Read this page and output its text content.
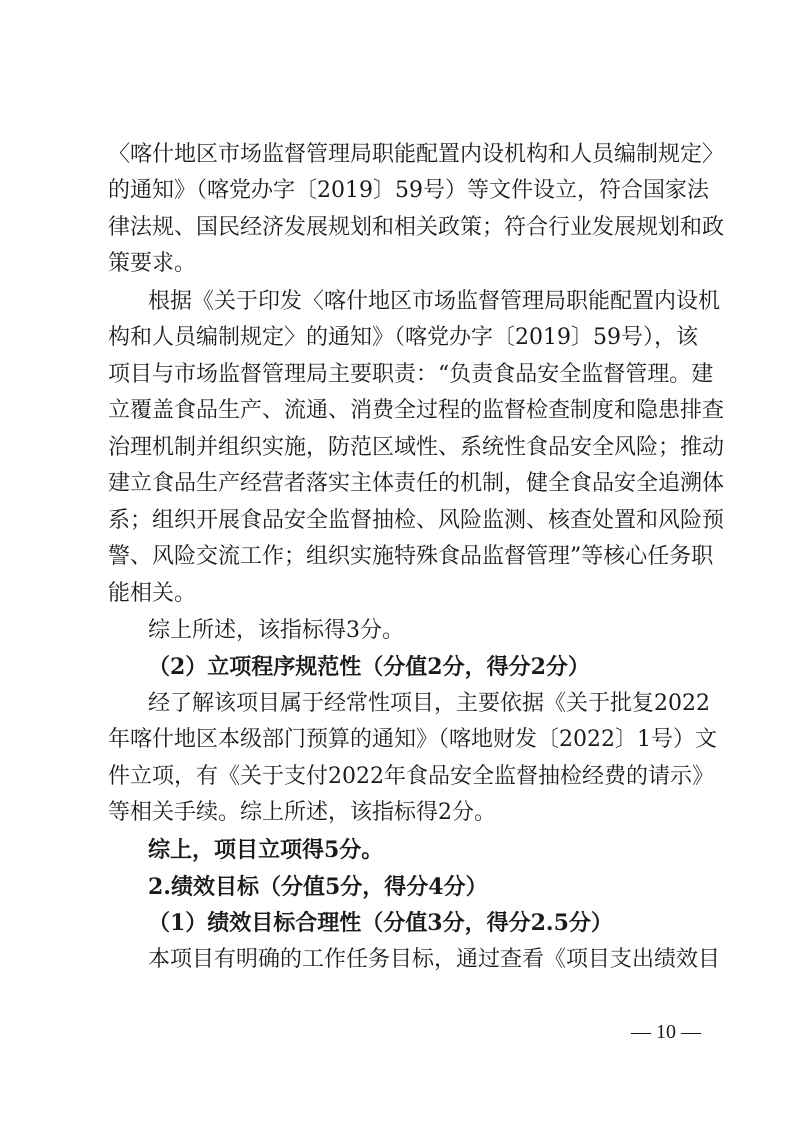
〈喀什地区市场监督管理局职能配置内设机构和人员编制规定〉
的通知》（喀党办字〔2019〕59号）等文件设立，符合国家法
律法规、国民经济发展规划和相关政策；符合行业发展规划和政
策要求。
根据《关于印发〈喀什地区市场监督管理局职能配置内设机
构和人员编制规定〉的通知》（喀党办字〔2019〕59号），该
项目与市场监督管理局主要职责：“负责食品安全监督管理。建
立覆盖食品生产、流通、消费全过程的监督检查制度和隐患排查
治理机制并组织实施，防范区域性、系统性食品安全风险；推动
建立食品生产经营者落实主体责任的机制，健全食品安全追溯体
系；组织开展食品安全监督抽检、风险监测、核查处置和风险预
警、风险交流工作；组织实施特殊食品监督管理”等核心任务职
能相关。
综上所述，该指标得3分。
（2）立项程序规范性（分值2分，得分2分）
经了解该项目属于经常性项目，主要依据《关于批复2022
年喀什地区本级部门预算的通知》（喀地财发〔2022〕1号）文
件立项，有《关于支付2022年食品安全监督抽检经费的请示》
等相关手续。综上所述，该指标得2分。
综上，项目立项得5分。
2.绩效目标（分值5分，得分4分）
（1）绩效目标合理性（分值3分，得分2.5分）
本项目有明确的工作任务目标，通过查看《项目支出绩效目
— 10 —
